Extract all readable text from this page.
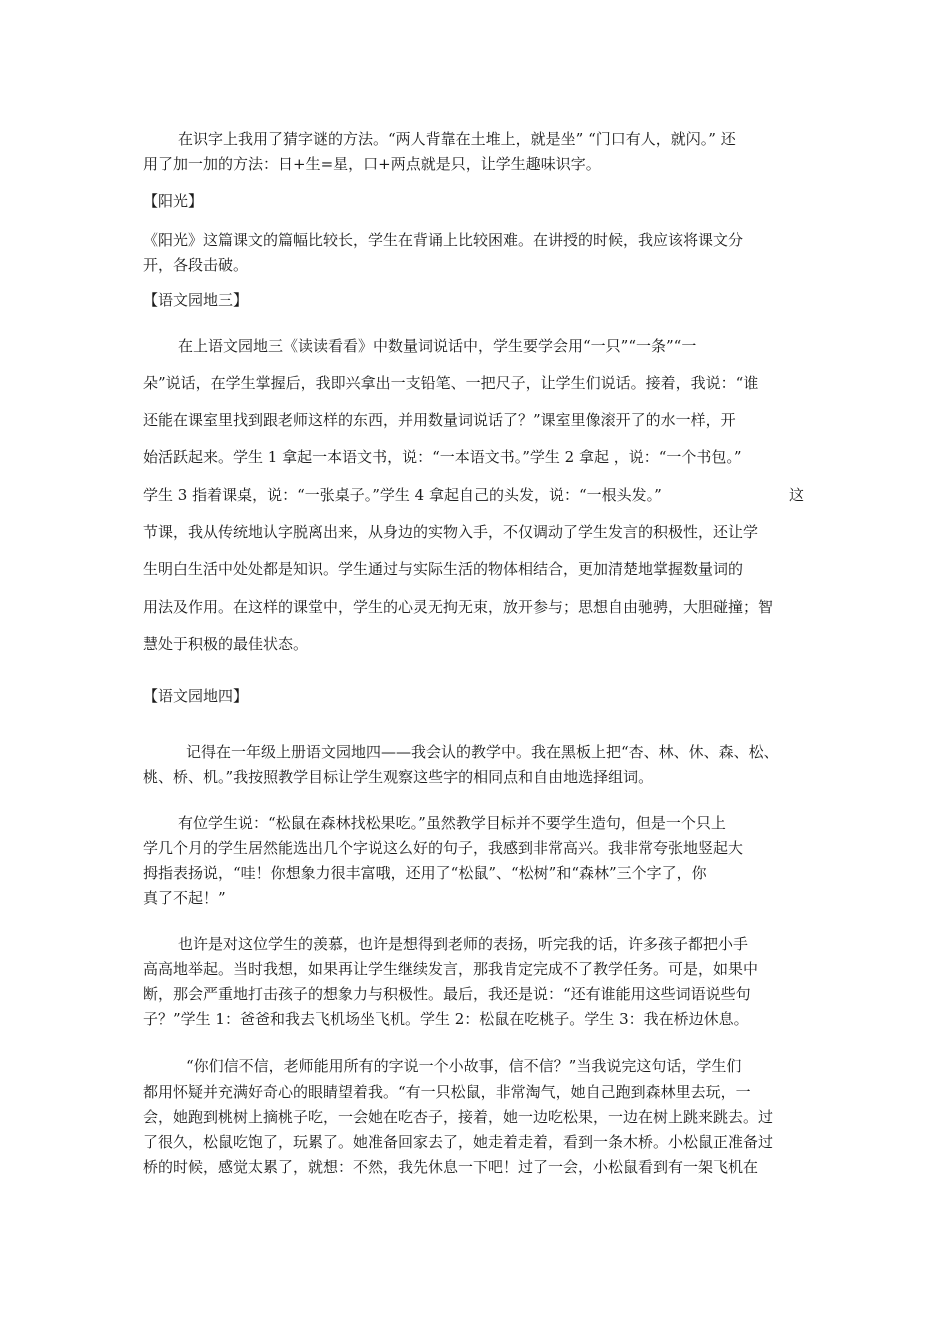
在识字上我用了猜字谜的方法。“两人背靠在土堆上，就是坐” “门口有人，就闪。” 还
用了加一加的方法：日+生=星，口+两点就是只，让学生趣味识字。
【阳光】
《阳光》这篇课文的篇幅比较长，学生在背诵上比较困难。在讲授的时候，我应该将课文分
开，各段击破。
【语文园地三】
在上语文园地三《读读看看》中数量词说话中，学生要学会用“一只”“一条”“一
朵”说话，在学生掌握后，我即兴拿出一支铅笔、一把尺子，让学生们说话。接着，我说：“谁
还能在课室里找到跟老师这样的东西，并用数量词说话了？”课室里像滚开了的水一样，开
始活跃起来。学生 1 拿起一本语文书，说：“一本语文书。”学生 2 拿起 ，说：“一个书包。”
学生 3 指着课桌，说：“一张桌子。”学生 4 拿起自己的头发，说：“一根头发。”	这
节课，我从传统地认字脱离出来，从身边的实物入手，不仅调动了学生发言的积极性，还让学
生明白生活中处处都是知识。学生通过与实际生活的物体相结合，更加清楚地掌握数量词的
用法及作用。在这样的课堂中，学生的心灵无拘无束，放开参与；思想自由驰骋，大胆碰撞；智
慧处于积极的最佳状态。
【语文园地四】
记得在一年级上册语文园地四——我会认的教学中。我在黑板上把“杏、林、休、森、松、
桃、桥、机。”我按照教学目标让学生观察这些字的相同点和自由地选择组词。
有位学生说：“松鼠在森林找松果吃。”虽然教学目标并不要学生造句，但是一个只上
学几个月的学生居然能选出几个字说这么好的句子，我感到非常高兴。我非常夸张地竖起大
拇指表扬说，“哇！你想象力很丰富哦，还用了“松鼠”、“松树”和“森林”三个字了，你
真了不起！”
也许是对这位学生的羡慕，也许是想得到老师的表扬，听完我的话，许多孩子都把小手
高高地举起。当时我想，如果再让学生继续发言，那我肯定完成不了教学任务。可是，如果中
断，那会严重地打击孩子的想象力与积极性。最后，我还是说：“还有谁能用这些词语说些句
子？”学生 1：爸爸和我去飞机场坐飞机。学生 2：松鼠在吃桃子。学生 3：我在桥边休息。
“你们信不信，老师能用所有的字说一个小故事，信不信？”当我说完这句话，学生们
都用怀疑并充满好奇心的眼睛望着我。“有一只松鼠，非常淘气，她自己跑到森林里去玩，一
会，她跑到桃树上摘桃子吃，一会她在吃杏子，接着，她一边吃松果，一边在树上跳来跳去。过
了很久，松鼠吃饱了，玩累了。她准备回家去了，她走着走着，看到一条木桥。小松鼠正准备过
桥的时候，感觉太累了，就想：不然，我先休息一下吧！过了一会，小松鼠看到有一架飞机在
